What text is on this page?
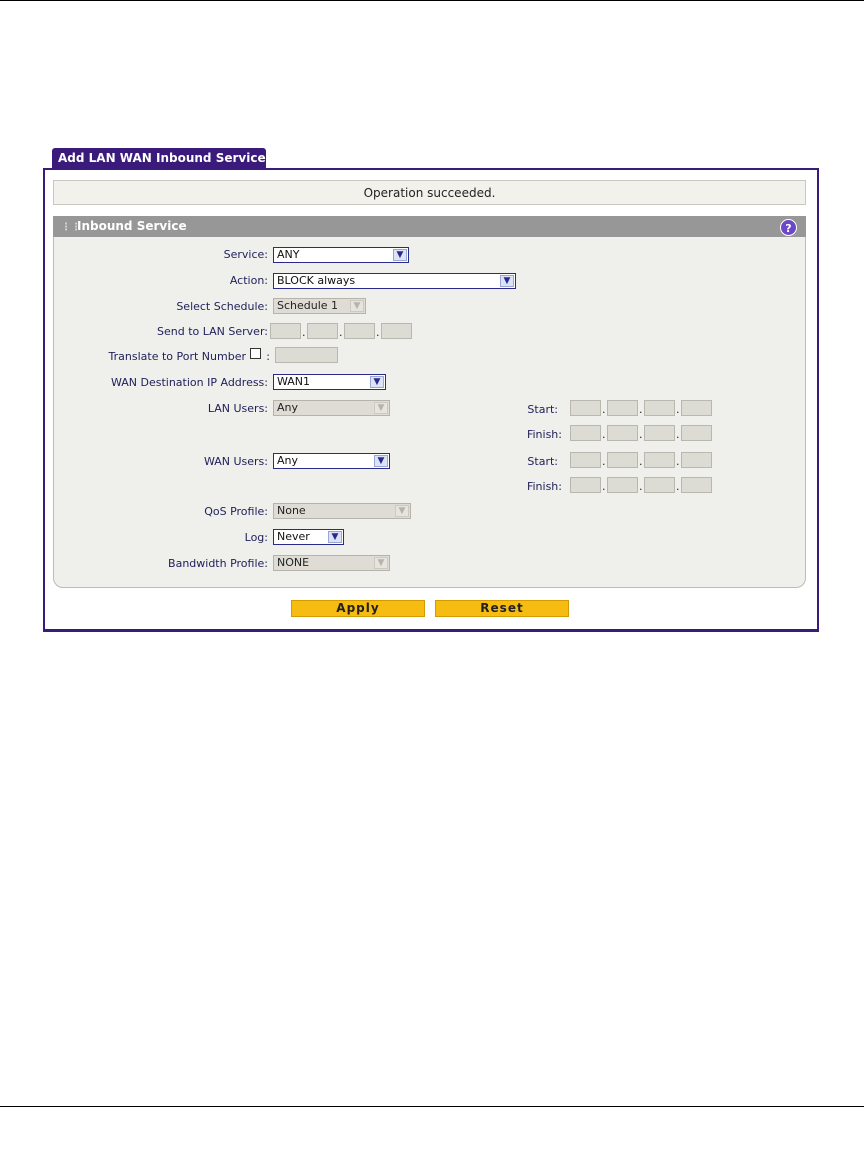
Add LAN WAN Inbound Service
Operation succeeded.
⋮⋮Inbound Service	?
Service: ANY	▼
Action: BLOCK always	▼
Select Schedule: Schedule 1	▼
Send to LAN Server:	.	.	.
Translate to Port Number :
WAN Destination IP Address: WAN1	▼
LAN Users: Any	▼	Start:	.	.	.
Finish:	.	.	.
WAN Users: Any	▼	Start:	.	.	.
Finish:	.	.	.
QoS Profile: None	▼
Log: Never	▼
Bandwidth Profile: NONE	▼
Apply	Reset
